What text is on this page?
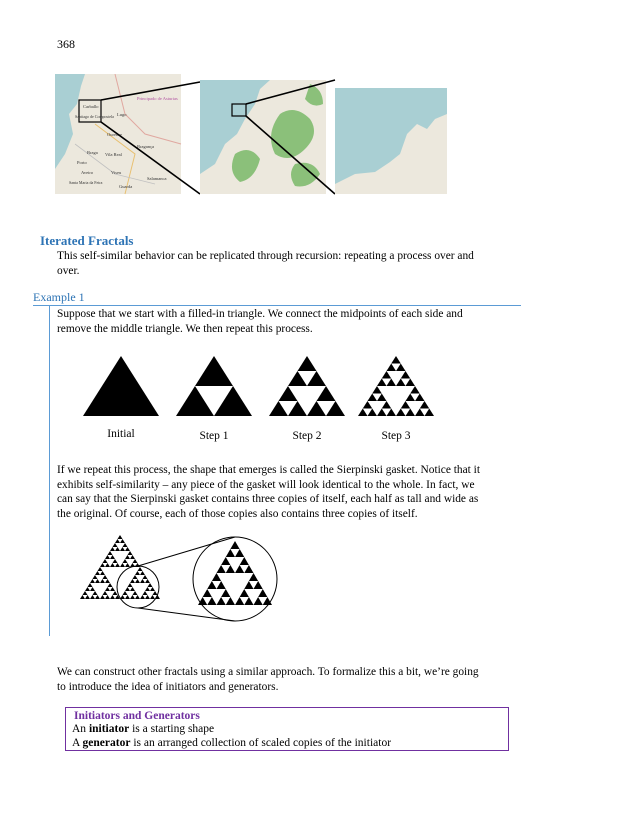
368
Carballo
Santiago de Compostela
Principado de Asturias
Lugo
Ourense
Braga
Porto
Vila Real
Bragança
Aveiro	Viseu
Santa Maria da Feira
Guarda
Salamanca
Iterated Fractals
This self-similar behavior can be replicated through recursion: repeating a process over and
over.
Example 1
Suppose that we start with a filled-in triangle. We connect the midpoints of each side and
remove the middle triangle. We then repeat this process.
Initial	Step 1	Step 2	Step 3
If we repeat this process, the shape that emerges is called the Sierpinski gasket. Notice that it
exhibits self-similarity – any piece of the gasket will look identical to the whole. In fact, we
can say that the Sierpinski gasket contains three copies of itself, each half as tall and wide as
the original. Of course, each of those copies also contains three copies of itself.
We can construct other fractals using a similar approach. To formalize this a bit, we’re going
to introduce the idea of initiators and generators.
Initiators and Generators
An initiator is a starting shape
A generator is an arranged collection of scaled copies of the initiator
